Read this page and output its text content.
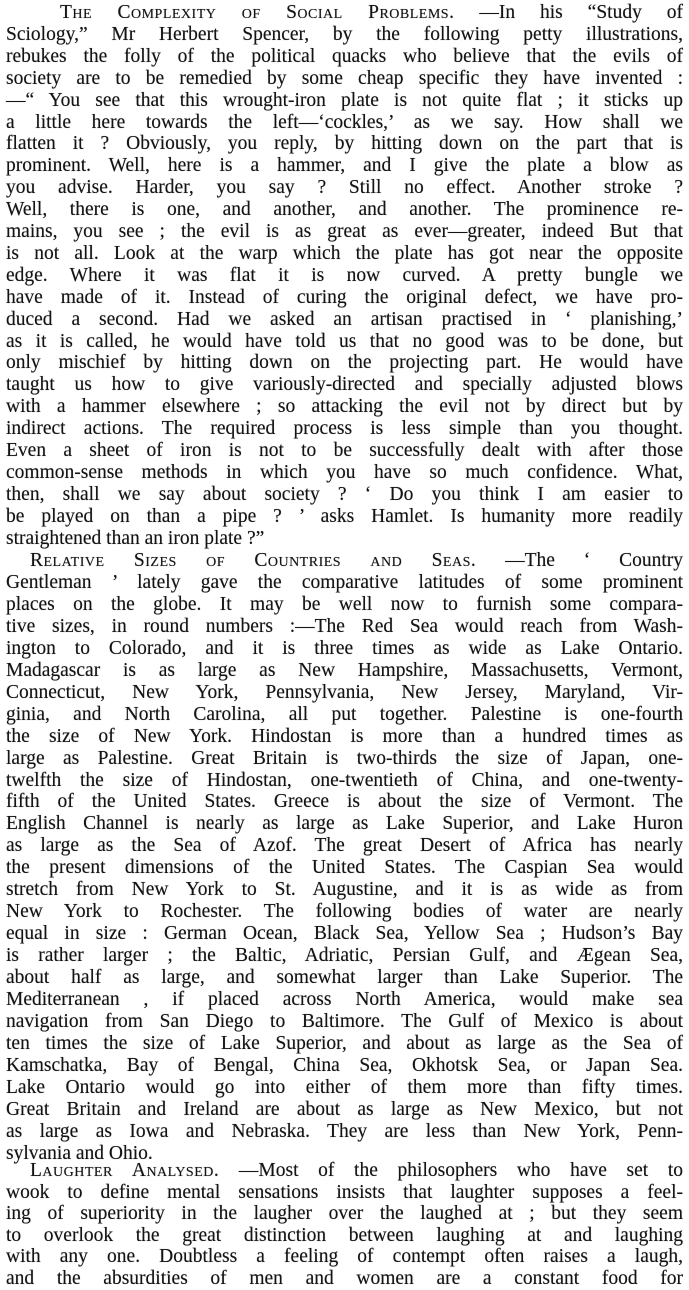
The Complexity of Social Problems. —In his “Study of
Sciology,” Mr Herbert Spencer, by the following petty illustrations,
rebukes the folly of the political quacks who believe that the evils of
society are to be remedied by some cheap specific they have invented :
—“ You see that this wrought-iron plate is not quite flat ; it sticks up
a little here towards the left—‘cockles,’ as we say. How shall we
flatten it ? Obviously, you reply, by hitting down on the part that is
prominent. Well, here is a hammer, and I give the plate a blow as
you advise. Harder, you say ? Still no effect. Another stroke ?
Well, there is one, and another, and another. The prominence re-
mains, you see ; the evil is as great as ever—greater, indeed But that
is not all. Look at the warp which the plate has got near the opposite
edge. Where it was flat it is now curved. A pretty bungle we
have made of it. Instead of curing the original defect, we have pro-
duced a second. Had we asked an artisan practised in ‘ planishing,’
as it is called, he would have told us that no good was to be done, but
only mischief by hitting down on the projecting part. He would have
taught us how to give variously-directed and specially adjusted blows
with a hammer elsewhere ; so attacking the evil not by direct but by
indirect actions. The required process is less simple than you thought.
Even a sheet of iron is not to be successfully dealt with after those
common-sense methods in which you have so much confidence. What,
then, shall we say about society ? ‘ Do you think I am easier to
be played on than a pipe ? ’ asks Hamlet. Is humanity more readily
straightened than an iron plate ?”
Relative Sizes of Countries and Seas. —The ‘ Country
Gentleman ’ lately gave the comparative latitudes of some prominent
places on the globe. It may be well now to furnish some compara-
tive sizes, in round numbers :—The Red Sea would reach from Wash-
ington to Colorado, and it is three times as wide as Lake Ontario.
Madagascar is as large as New Hampshire, Massachusetts, Vermont,
Connecticut, New York, Pennsylvania, New Jersey, Maryland, Vir-
ginia, and North Carolina, all put together. Palestine is one-fourth
the size of New York. Hindostan is more than a hundred times as
large as Palestine. Great Britain is two-thirds the size of Japan, one-
twelfth the size of Hindostan, one-twentieth of China, and one-twenty-
fifth of the United States. Greece is about the size of Vermont. The
English Channel is nearly as large as Lake Superior, and Lake Huron
as large as the Sea of Azof. The great Desert of Africa has nearly
the present dimensions of the United States. The Caspian Sea would
stretch from New York to St. Augustine, and it is as wide as from
New York to Rochester. The following bodies of water are nearly
equal in size : German Ocean, Black Sea, Yellow Sea ; Hudson’s Bay
is rather larger ; the Baltic, Adriatic, Persian Gulf, and Ægean Sea,
about half as large, and somewhat larger than Lake Superior. The
Mediterranean , if placed across North America, would make sea
navigation from San Diego to Baltimore. The Gulf of Mexico is about
ten times the size of Lake Superior, and about as large as the Sea of
Kamschatka, Bay of Bengal, China Sea, Okhotsk Sea, or Japan Sea.
Lake Ontario would go into either of them more than fifty times.
Great Britain and Ireland are about as large as New Mexico, but not
as large as Iowa and Nebraska. They are less than New York, Penn-
sylvania and Ohio.
Laughter Analysed. —Most of the philosophers who have set to
wook to define mental sensations insists that laughter supposes a feel-
ing of superiority in the laugher over the laughed at ; but they seem
to overlook the great distinction between laughing at and laughing
with any one. Doubtless a feeling of contempt often raises a laugh,
and the absurdities of men and women are a constant food for
